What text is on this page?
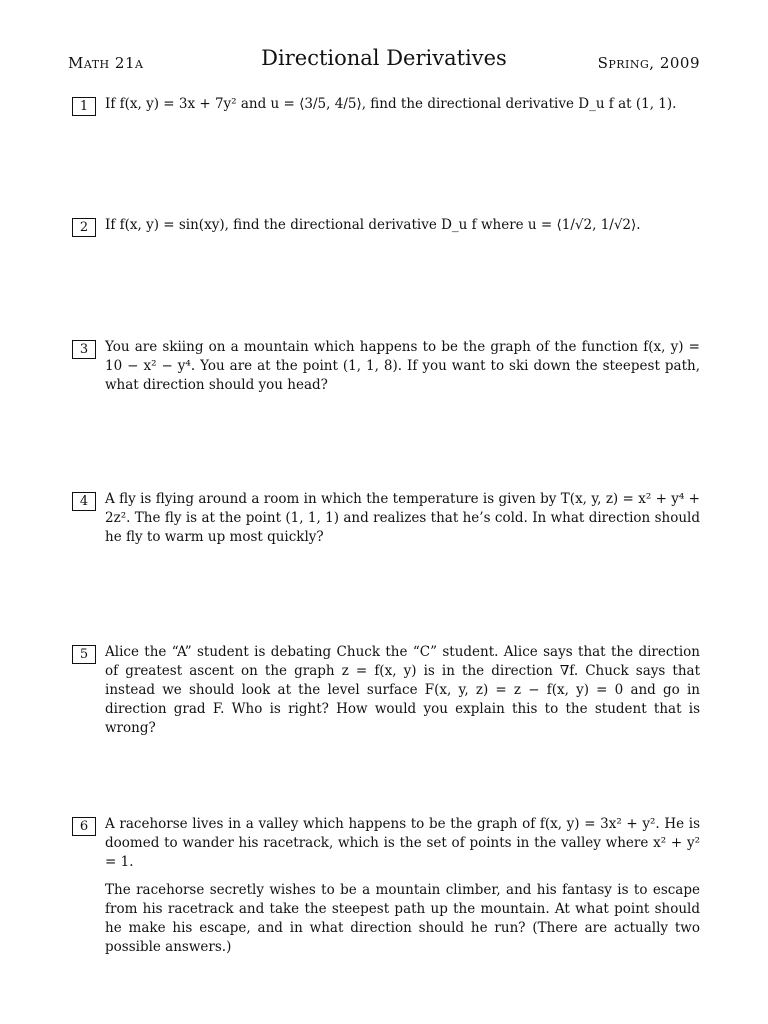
Math 21a	Directional Derivatives	Spring, 2009
1	If f(x, y) = 3x + 7y² and u = ⟨3/5, 4/5⟩, find the directional derivative D_u f at (1, 1).

2	If f(x, y) = sin(xy), find the directional derivative D_u f where u = ⟨1/√2, 1/√2⟩.

3	You are skiing on a mountain which happens to be the graph of the function f(x, y) = 10 − x² − y⁴. You are at the point (1, 1, 8). If you want to ski down the steepest path, what direction should you head?

4	A fly is flying around a room in which the temperature is given by T(x, y, z) = x² + y⁴ + 2z². The fly is at the point (1, 1, 1) and realizes that he’s cold. In what direction should he fly to warm up most quickly?

5	Alice the “A” student is debating Chuck the “C” student. Alice says that the direction of greatest ascent on the graph z = f(x, y) is in the direction ∇f. Chuck says that instead we should look at the level surface F(x, y, z) = z − f(x, y) = 0 and go in direction grad F. Who is right? How would you explain this to the student that is wrong?

6	A racehorse lives in a valley which happens to be the graph of f(x, y) = 3x² + y². He is doomed to wander his racetrack, which is the set of points in the valley where x² + y² = 1.

The racehorse secretly wishes to be a mountain climber, and his fantasy is to escape from his racetrack and take the steepest path up the mountain. At what point should he make his escape, and in what direction should he run? (There are actually two possible answers.)
